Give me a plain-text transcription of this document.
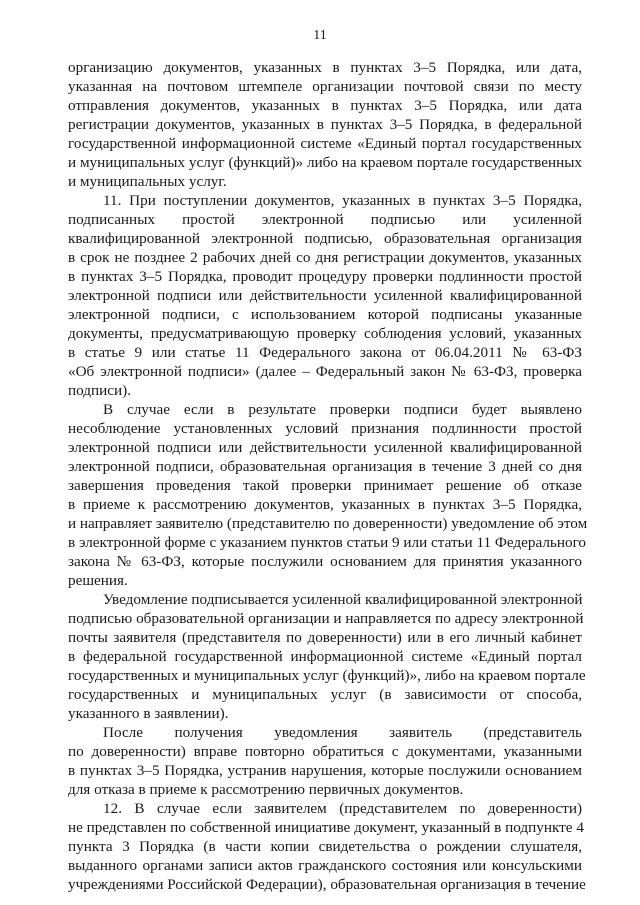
11
организацию документов, указанных в пунктах 3–5 Порядка, или дата,
указанная на почтовом штемпеле организации почтовой связи по месту
отправления документов, указанных в пунктах 3–5 Порядка, или дата
регистрации документов, указанных в пунктах 3–5 Порядка, в федеральной
государственной информационной системе «Единый портал государственных
и муниципальных услуг (функций)» либо на краевом портале государственных
и муниципальных услуг.
11. При поступлении документов, указанных в пунктах 3–5 Порядка,
подписанных простой электронной подписью или усиленной
квалифицированной электронной подписью, образовательная организация
в срок не позднее 2 рабочих дней со дня регистрации документов, указанных
в пунктах 3–5 Порядка, проводит процедуру проверки подлинности простой
электронной подписи или действительности усиленной квалифицированной
электронной подписи, с использованием которой подписаны указанные
документы, предусматривающую проверку соблюдения условий, указанных
в статье 9 или статье 11 Федерального закона от 06.04.2011 № 63-ФЗ
«Об электронной подписи» (далее – Федеральный закон № 63-ФЗ, проверка
подписи).
В случае если в результате проверки подписи будет выявлено
несоблюдение установленных условий признания подлинности простой
электронной подписи или действительности усиленной квалифицированной
электронной подписи, образовательная организация в течение 3 дней со дня
завершения проведения такой проверки принимает решение об отказе
в приеме к рассмотрению документов, указанных в пунктах 3–5 Порядка,
и направляет заявителю (представителю по доверенности) уведомление об этом
в электронной форме с указанием пунктов статьи 9 или статьи 11 Федерального
закона № 63-ФЗ, которые послужили основанием для принятия указанного
решения.
Уведомление подписывается усиленной квалифицированной электронной
подписью образовательной организации и направляется по адресу электронной
почты заявителя (представителя по доверенности) или в его личный кабинет
в федеральной государственной информационной системе «Единый портал
государственных и муниципальных услуг (функций)», либо на краевом портале
государственных и муниципальных услуг (в зависимости от способа,
указанного в заявлении).
После получения уведомления заявитель (представитель
по доверенности) вправе повторно обратиться с документами, указанными
в пунктах 3–5 Порядка, устранив нарушения, которые послужили основанием
для отказа в приеме к рассмотрению первичных документов.
12. В случае если заявителем (представителем по доверенности)
не представлен по собственной инициативе документ, указанный в подпункте 4
пункта 3 Порядка (в части копии свидетельства о рождении слушателя,
выданного органами записи актов гражданского состояния или консульскими
учреждениями Российской Федерации), образовательная организация в течение
